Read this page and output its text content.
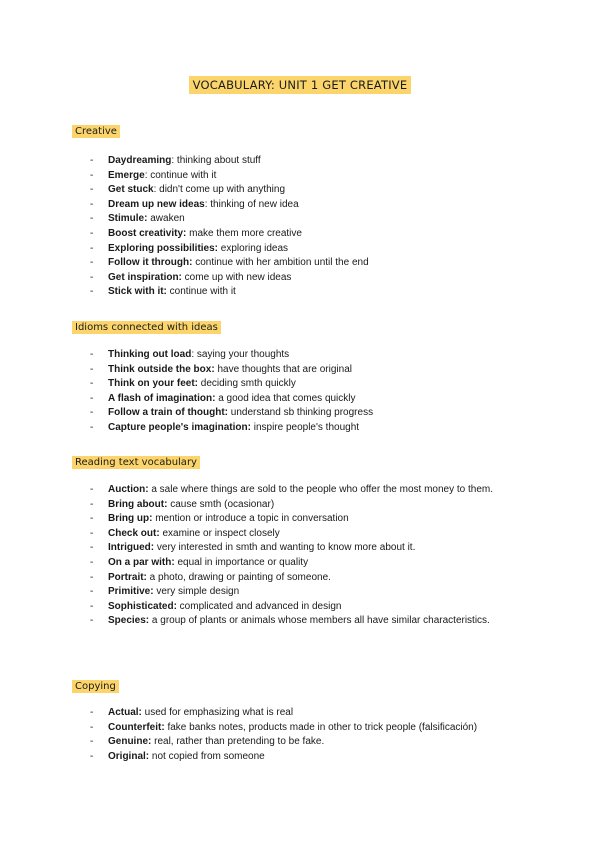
VOCABULARY: UNIT 1 GET CREATIVE
Creative
- Daydreaming: thinking about stuff
- Emerge: continue with it
- Get stuck: didn't come up with anything
- Dream up new ideas: thinking of new idea
- Stimule: awaken
- Boost creativity: make them more creative
- Exploring possibilities: exploring ideas
- Follow it through: continue with her ambition until the end
- Get inspiration: come up with new ideas
- Stick with it: continue with it
Idioms connected with ideas
- Thinking out load: saying your thoughts
- Think outside the box: have thoughts that are original
- Think on your feet: deciding smth quickly
- A flash of imagination: a good idea that comes quickly
- Follow a train of thought: understand sb thinking progress
- Capture people's imagination: inspire people's thought
Reading text vocabulary
- Auction: a sale where things are sold to the people who offer the most money to them.
- Bring about: cause smth (ocasionar)
- Bring up: mention or introduce a topic in conversation
- Check out: examine or inspect closely
- Intrigued: very interested in smth and wanting to know more about it.
- On a par with: equal in importance or quality
- Portrait: a photo, drawing or painting of someone.
- Primitive: very simple design
- Sophisticated: complicated and advanced in design
- Species: a group of plants or animals whose members all have similar characteristics.
Copying
- Actual: used for emphasizing what is real
- Counterfeit: fake banks notes, products made in other to trick people (falsificación)
- Genuine: real, rather than pretending to be fake.
- Original: not copied from someone
